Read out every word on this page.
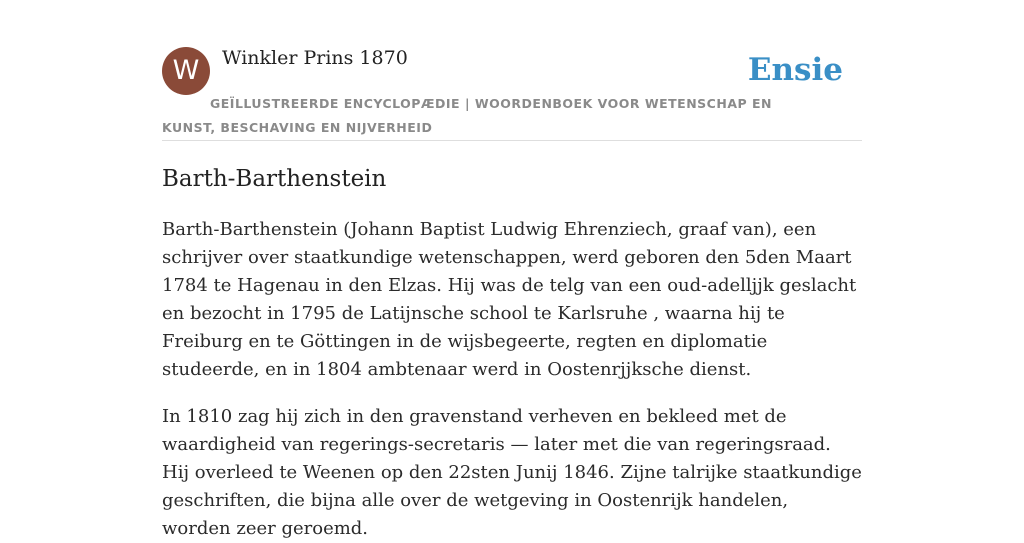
W	Winkler Prins 1870
GEÏLLUSTREERDE ENCYCLOPÆDIE | WOORDENBOEK VOOR WETENSCHAP EN KUNST, BESCHAVING EN NIJVERHEID
Ensie
Barth-Barthenstein

Barth-Barthenstein (Johann Baptist Ludwig Ehrenziech, graaf van), een schrijver over staatkundige wetenschappen, werd geboren den 5den Maart 1784 te Hagenau in den Elzas. Hij was de telg van een oud-adelljjk geslacht en bezocht in 1795 de Latijnsche school te Karlsruhe , waarna hij te Freiburg en te Göttingen in de wijsbegeerte, regten en diplomatie studeerde, en in 1804 ambtenaar werd in Oostenrjjksche dienst.

In 1810 zag hij zich in den gravenstand verheven en bekleed met de waardigheid van regerings-secretaris — later met die van regeringsraad. Hij overleed te Weenen op den 22sten Junij 1846. Zijne talrijke staatkundige geschriften, die bijna alle over de wetgeving in Oostenrijk handelen, worden zeer geroemd.
